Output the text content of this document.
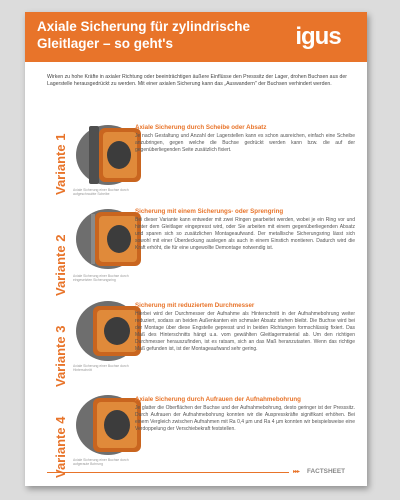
Axiale Sicherung für zylindrische Gleitlager – so geht's	igus
Wirken zu hohe Kräfte in axialer Richtung oder beeinträchtigen äußere Einflüsse den Presssitz der Lager, drohen Buchsen aus der Lagerstelle herausgedrückt zu werden. Mit einer axialen Sicherung kann das „Auswandern" der Buchsen verhindert werden.
Variante 1 Axiale Sicherung einer Buchse durch aufgeschraubte Scheibe
Axiale Sicherung durch Scheibe oder Absatz
Je nach Gestaltung und Anzahl der Lagerstellen kann es schon ausreichen, einfach eine Scheibe anzubringen, gegen welche die Buchse gedrückt werden kann bzw. die auf der gegenüberliegenden Seite zusätzlich fixiert.
Variante 2 Axiale Sicherung einer Buchse durch eingesetzten Sicherungsring
Sicherung mit einem Sicherungs- oder Sprengring
Bei dieser Variante kann entweder mit zwei Ringen gearbeitet werden, wobei je ein Ring vor und hinter dem Gleitlager eingepresst wird, oder Sie arbeiten mit einem gegenüberliegenden Absatz und sparen sich so zusätzlichen Montageaufwand. Der metallische Sicherungsring lässt sich sowohl mit einer Überdeckung auslegen als auch in einem Einstich montieren. Dadurch wird die Kraft erhöht, die für eine ungewollte Demontage notwendig ist.
Variante 3 Axiale Sicherung einer Buchse durch Hinterschnitt
Sicherung mit reduziertem Durchmesser
Hierbei wird der Durchmesser der Aufnahme als Hinterschnitt in der Aufnahmebohrung weiter reduziert, sodass an beiden Außenkanten ein schmaler Absatz stehen bleibt. Die Buchse wird bei der Montage über diese Engstelle gepresst und in beiden Richtungen formschlüssig fixiert. Das Maß des Hinterschnitts hängt u.a. vom gewählten Gleitlagermaterial ab. Um den richtigen Durchmesser herauszufinden, ist es ratsam, sich an das Maß heranzutasten. Wenn das richtige Maß gefunden ist, ist der Montageaufwand sehr gering.
Variante 4 Axiale Sicherung einer Buchse durch aufgeraute Bohrung
Axiale Sicherung durch Aufrauen der Aufnahmebohrung
Je glatter die Oberflächen der Buchse und der Aufnahmebohrung, desto geringer ist der Presssitz. Durch Aufrauen der Aufnahmebohrung konnten wir die Auspresskräfte signifikant erhöhen. Bei einem Vergleich zwischen Aufnahmen mit Ra 0,4 µm und Ra 4 µm konnten wir beispielsweise eine Verdoppelung der Verschiebekraft feststellen.
▸▸▸ FACTSHEET
